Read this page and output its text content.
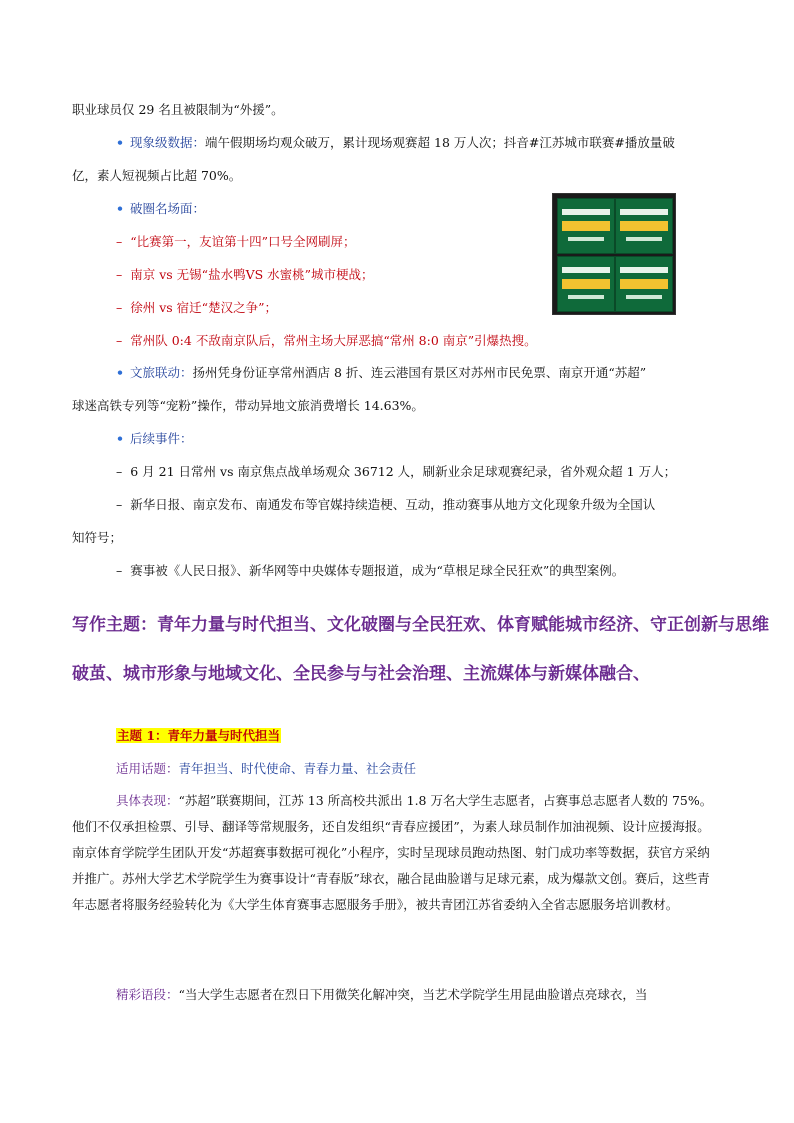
职业球员仅 29 名且被限制为“外援”。
• 现象级数据：端午假期场均观众破万，累计现场观赛超 18 万人次；抖音#江苏城市联赛#播放量破
亿，素人短视频占比超 70%。
• 破圈名场面：
– “比赛第一，友谊第十四”口号全网刷屏；
– 南京 vs 无锡“盐水鸭VS 水蜜桃”城市梗战；
– 徐州 vs 宿迁“楚汉之争”；
– 常州队 0:4 不敌南京队后，常州主场大屏恶搞“常州 8:0 南京”引爆热搜。
• 文旅联动：扬州凭身份证享常州酒店 8 折、连云港国有景区对苏州市民免票、南京开通“苏超”
球迷高铁专列等“宠粉”操作，带动异地文旅消费增长 14.63%。
• 后续事件：
– 6 月 21 日常州 vs 南京焦点战单场观众 36712 人，刷新业余足球观赛纪录，省外观众超 1 万人；
– 新华日报、南京发布、南通发布等官媒持续造梗、互动，推动赛事从地方文化现象升级为全国认
知符号；
– 赛事被《人民日报》、新华网等中央媒体专题报道，成为“草根足球全民狂欢”的典型案例。
写作主题：青年力量与时代担当、文化破圈与全民狂欢、体育赋能城市经济、守正创新与思维
破茧、城市形象与地域文化、全民参与与社会治理、主流媒体与新媒体融合、
主题 1：青年力量与时代担当
适用话题：青年担当、时代使命、青春力量、社会责任
具体表现：“苏超”联赛期间，江苏 13 所高校共派出 1.8 万名大学生志愿者，占赛事总志愿者人数的 75%。他们不仅承担检票、引导、翻译等常规服务，还自发组织“青春应援团”，为素人球员制作加油视频、设计应援海报。南京体育学院学生团队开发“苏超赛事数据可视化”小程序，实时呈现球员跑动热图、射门成功率等数据，获官方采纳并推广。苏州大学艺术学院学生为赛事设计“青春版”球衣，融合昆曲脸谱与足球元素，成为爆款文创。赛后，这些青年志愿者将服务经验转化为《大学生体育赛事志愿服务手册》，被共青团江苏省委纳入全省志愿服务培训教材。
精彩语段：“当大学生志愿者在烈日下用微笑化解冲突，当艺术学院学生用昆曲脸谱点亮球衣，当
